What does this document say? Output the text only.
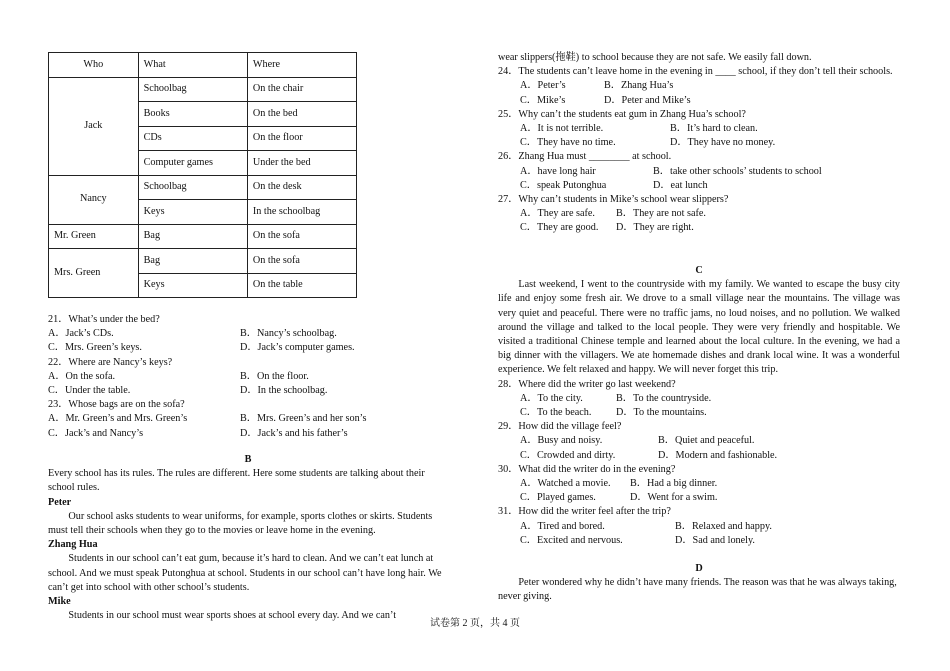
Who	What	Where
Jack	Schoolbag	On the chair
	Books	On the bed
	CDs	On the floor
	Computer games	Under the bed
Nancy	Schoolbag	On the desk
	Keys	In the schoolbag
Mr. Green	Bag	On the sofa
Mrs. Green	Bag	On the sofa
	Keys	On the table

21．What’s under the bed?

A．Jack’s CDs.	B．Nancy’s schoolbag.
C．Mrs. Green’s keys.	D．Jack’s computer games.

22．Where are Nancy’s keys?

A．On the sofa.	B．On the floor.
C．Under the table.	D．In the schoolbag.

23．Whose bags are on the sofa?

A．Mr. Green’s and Mrs. Green’s	B．Mrs. Green’s and her son’s
C．Jack’s and Nancy’s	D．Jack’s and his father’s

B

Every school has its rules. The rules are different. Here some students are talking about their school rules.

Peter

Our school asks students to wear uniforms, for example, sports clothes or skirts. Students must tell their schools when they go to the movies or leave home in the evening.

Zhang Hua

Students in our school can’t eat gum, because it’s hard to clean. And we can’t eat lunch at school. And we must speak Putonghua at school. Students in our school can’t have long hair. We can’t get into school with other school’s students.

Mike

Students in our school must wear sports shoes at school every day. And we can’t

wear slippers(拖鞋) to school because they are not safe. We easily fall down.

24．The students can’t leave home in the evening in ____ school, if they don’t tell their schools.

A．Peter’s	B．Zhang Hua’s
C．Mike’s	D．Peter and Mike’s

25．Why can’t the students eat gum in Zhang Hua’s school?

A．It is not terrible.	B．It’s hard to clean.
C．They have no time.	D．They have no money.

26．Zhang Hua must ________ at school.

A．have long hair	B．take other schools’ students to school
C．speak Putonghua	D．eat lunch

27．Why can’t students in Mike’s school wear slippers?

A．They are safe.	B．They are not safe.
C．They are good.	D．They are right.

C

Last weekend, I went to the countryside with my family. We wanted to escape the busy city life and enjoy some fresh air. We drove to a small village near the mountains. The village was very quiet and peaceful. There were no traffic jams, no loud noises, and no pollution. We walked around the village and talked to the local people. They were very friendly and hospitable. We visited a traditional Chinese temple and learned about the local culture. In the evening, we had a big dinner with the villagers. We ate homemade dishes and drank local wine. It was a wonderful experience. We felt relaxed and happy. We will never forget this trip.

28．Where did the writer go last weekend?

A．To the city.	B．To the countryside.
C．To the beach.	D．To the mountains.

29．How did the village feel?

A．Busy and noisy.	B．Quiet and peaceful.
C．Crowded and dirty.	D．Modern and fashionable.

30．What did the writer do in the evening?

A．Watched a movie.	B．Had a big dinner.
C．Played games.	D．Went for a swim.

31．How did the writer feel after the trip?

A．Tired and bored.	B．Relaxed and happy.
C．Excited and nervous.	D．Sad and lonely.

D

Peter wondered why he didn’t have many friends. The reason was that he was always taking, never giving.

试卷第 2 页，共 4 页
